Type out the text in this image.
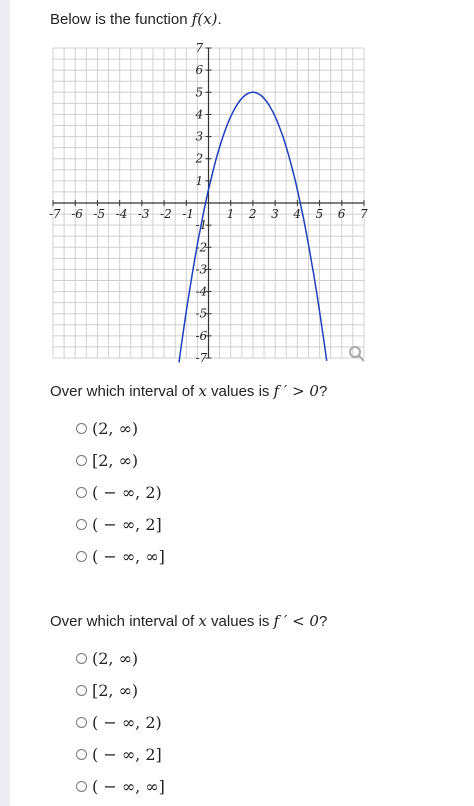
Below is the function f(x).
-7 -6 -5 -4 -3 -2 -1	1 2 3 4 5 6 7
7
6
5
4
3
2
1
-1
-2
-3
-4
-5
-6
-7
Over which interval of x values is f ′ > 0?
(2, ∞)
[2, ∞)
( − ∞, 2)
( − ∞, 2]
( − ∞, ∞]
Over which interval of x values is f ′ < 0?
(2, ∞)
[2, ∞)
( − ∞, 2)
( − ∞, 2]
( − ∞, ∞]
